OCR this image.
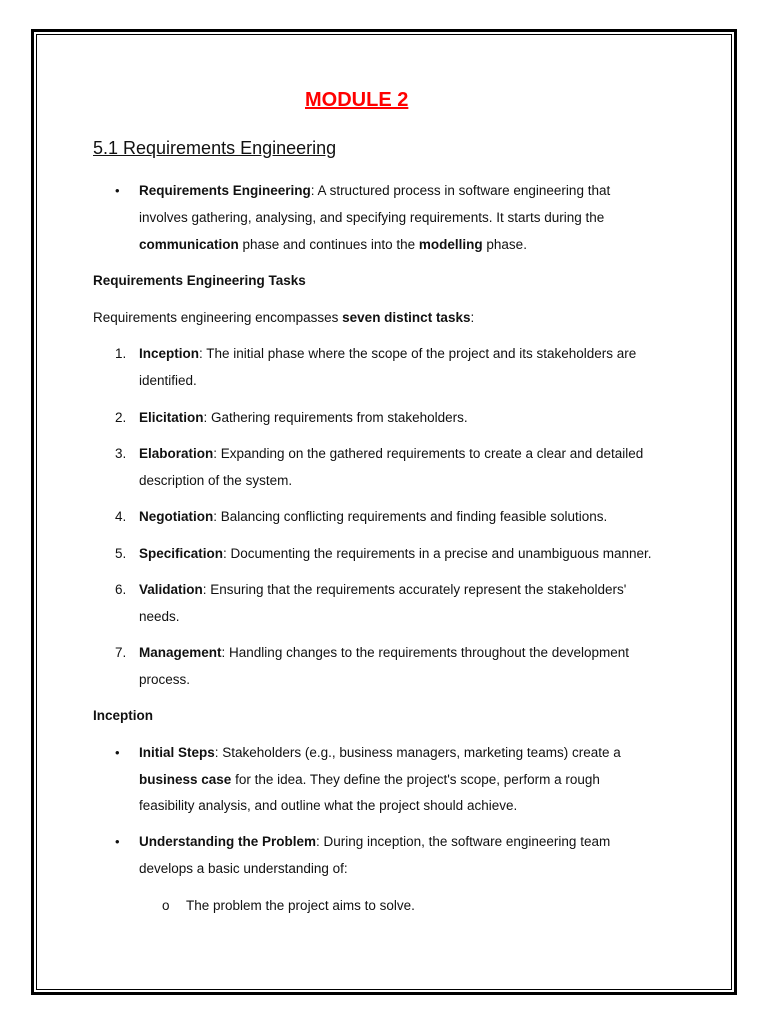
MODULE 2
5.1 Requirements Engineering
• Requirements Engineering: A structured process in software engineering that
involves gathering, analysing, and specifying requirements. It starts during the
communication phase and continues into the modelling phase.
Requirements Engineering Tasks
Requirements engineering encompasses seven distinct tasks:
1. Inception: The initial phase where the scope of the project and its stakeholders are
identified.
2. Elicitation: Gathering requirements from stakeholders.
3. Elaboration: Expanding on the gathered requirements to create a clear and detailed
description of the system.
4. Negotiation: Balancing conflicting requirements and finding feasible solutions.
5. Specification: Documenting the requirements in a precise and unambiguous manner.
6. Validation: Ensuring that the requirements accurately represent the stakeholders'
needs.
7. Management: Handling changes to the requirements throughout the development
process.
Inception
• Initial Steps: Stakeholders (e.g., business managers, marketing teams) create a
business case for the idea. They define the project's scope, perform a rough
feasibility analysis, and outline what the project should achieve.
• Understanding the Problem: During inception, the software engineering team
develops a basic understanding of:
o The problem the project aims to solve.
